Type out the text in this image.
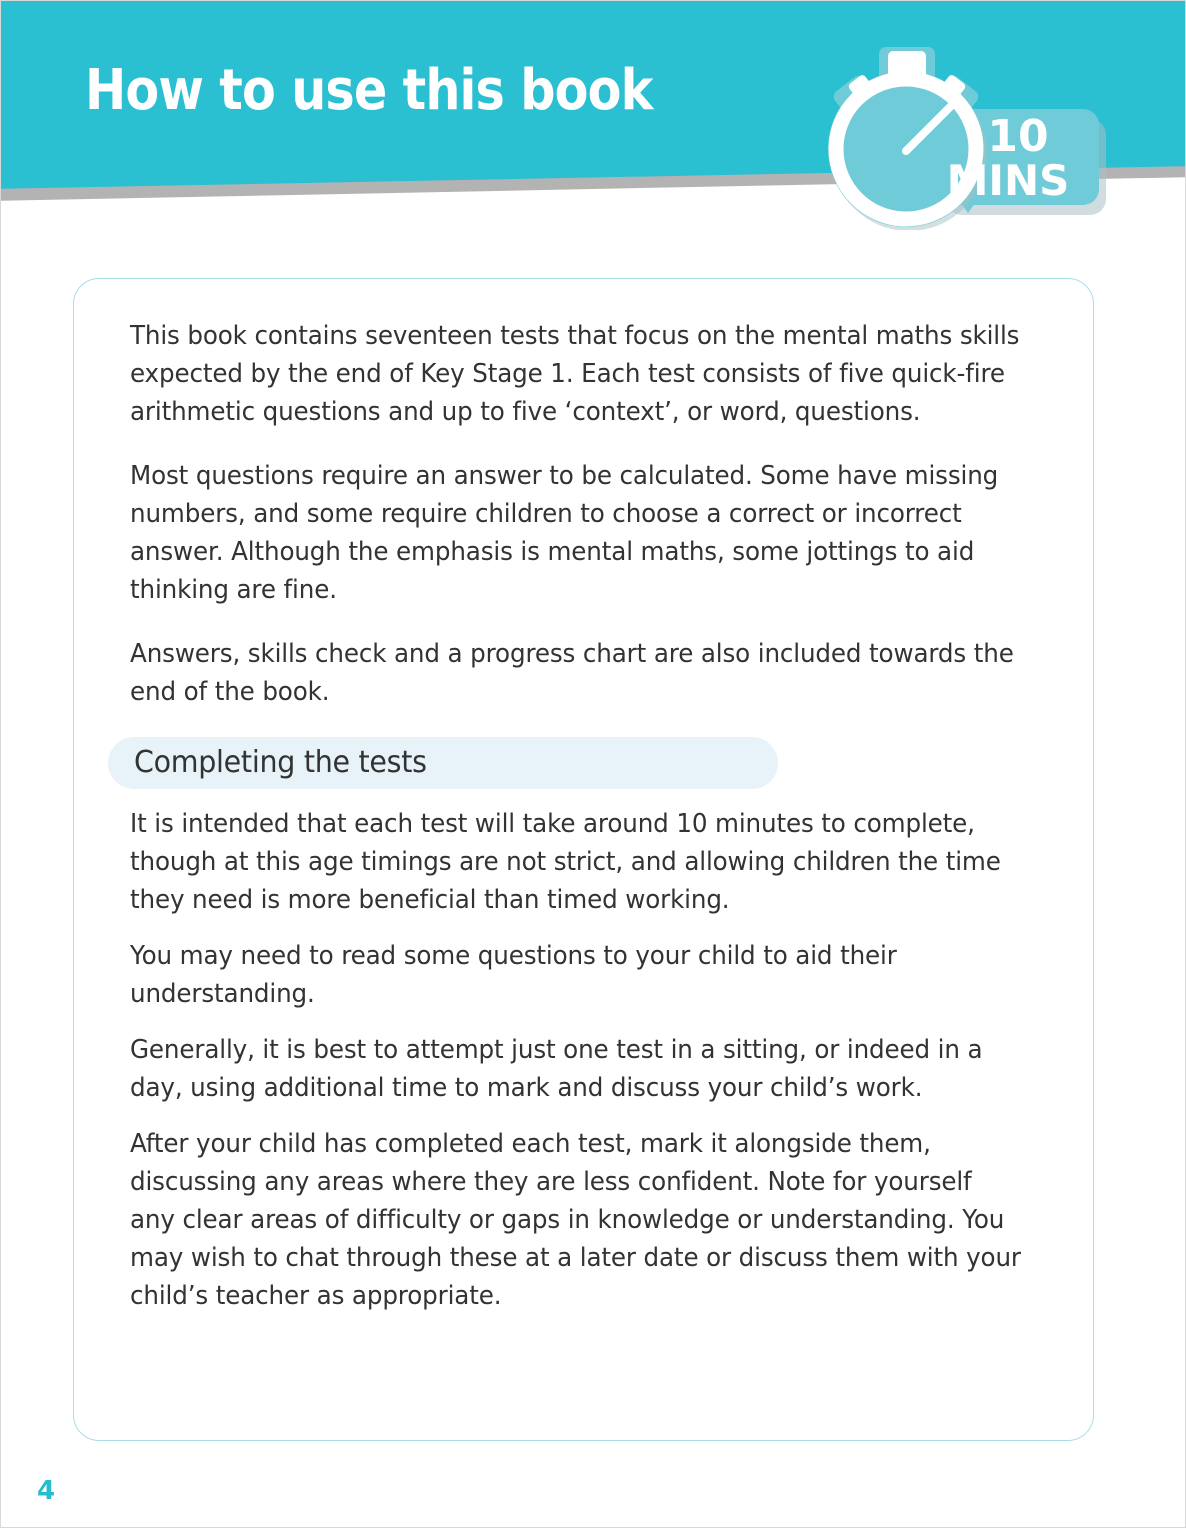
How to use this book
10
MINS

This book contains seventeen tests that focus on the mental maths skills expected by the end of Key Stage 1. Each test consists of five quick-fire arithmetic questions and up to five ‘context’, or word, questions.

Most questions require an answer to be calculated. Some have missing numbers, and some require children to choose a correct or incorrect answer. Although the emphasis is mental maths, some jottings to aid thinking are fine.

Answers, skills check and a progress chart are also included towards the end of the book.

Completing the tests

It is intended that each test will take around 10 minutes to complete, though at this age timings are not strict, and allowing children the time they need is more beneficial than timed working.

You may need to read some questions to your child to aid their understanding.

Generally, it is best to attempt just one test in a sitting, or indeed in a day, using additional time to mark and discuss your child’s work.

After your child has completed each test, mark it alongside them, discussing any areas where they are less confident. Note for yourself any clear areas of difficulty or gaps in knowledge or understanding. You may wish to chat through these at a later date or discuss them with your child’s teacher as appropriate.

4
